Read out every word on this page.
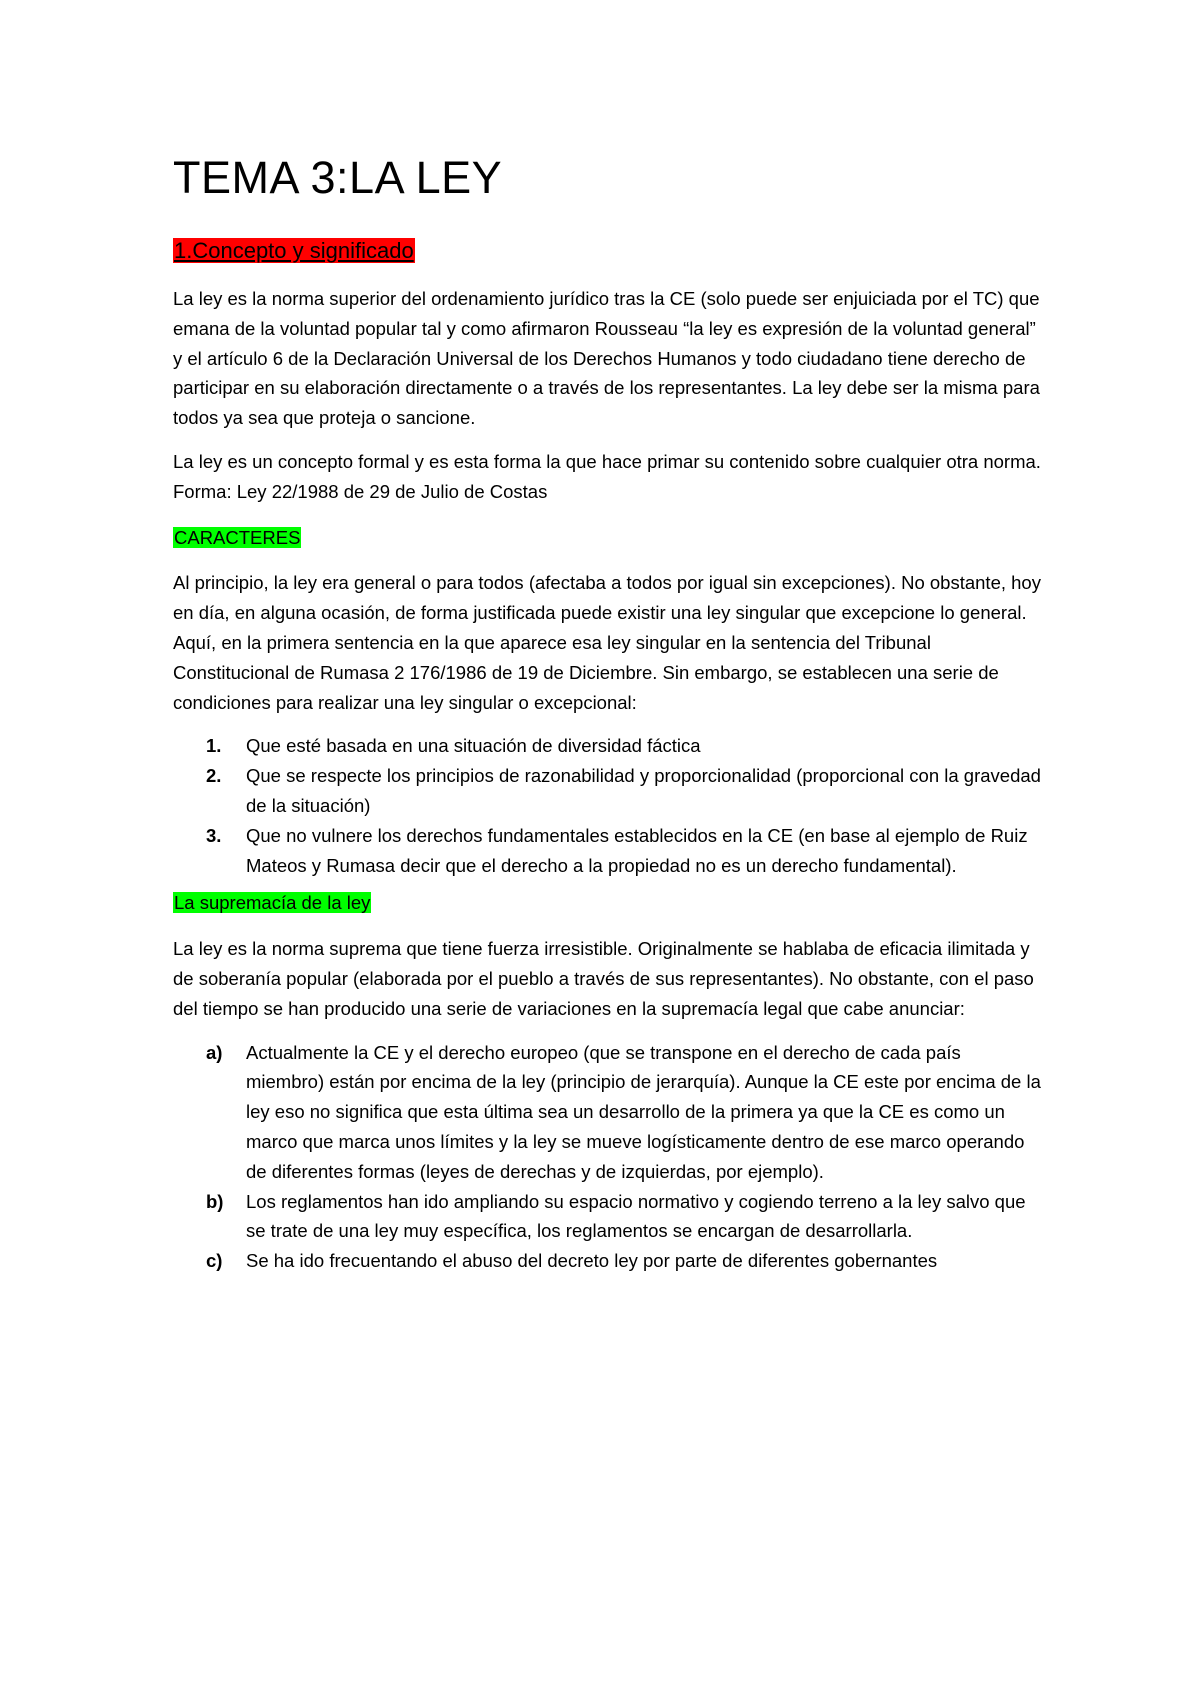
TEMA 3:LA LEY
1.Concepto y significado

La ley es la norma superior del ordenamiento jurídico tras la CE (solo puede ser enjuiciada por el TC) que emana de la voluntad popular tal y como afirmaron Rousseau “la ley es expresión de la voluntad general” y el artículo 6 de la Declaración Universal de los Derechos Humanos y todo ciudadano tiene derecho de participar en su elaboración directamente o a través de los representantes. La ley debe ser la misma para todos ya sea que proteja o sancione.

La ley es un concepto formal y es esta forma la que hace primar su contenido sobre cualquier otra norma. Forma: Ley 22/1988 de 29 de Julio de Costas

CARACTERES

Al principio, la ley era general o para todos (afectaba a todos por igual sin excepciones). No obstante, hoy en día, en alguna ocasión, de forma justificada puede existir una ley singular que excepcione lo general. Aquí, en la primera sentencia en la que aparece esa ley singular en la sentencia del Tribunal Constitucional de Rumasa 2 176/1986 de 19 de Diciembre. Sin embargo, se establecen una serie de condiciones para realizar una ley singular o excepcional:

1. Que esté basada en una situación de diversidad fáctica
2. Que se respecte los principios de razonabilidad y proporcionalidad (proporcional con la gravedad de la situación)
3. Que no vulnere los derechos fundamentales establecidos en la CE (en base al ejemplo de Ruiz Mateos y Rumasa decir que el derecho a la propiedad no es un derecho fundamental).
La supremacía de la ley

La ley es la norma suprema que tiene fuerza irresistible. Originalmente se hablaba de eficacia ilimitada y de soberanía popular (elaborada por el pueblo a través de sus representantes). No obstante, con el paso del tiempo se han producido una serie de variaciones en la supremacía legal que cabe anunciar:

a) Actualmente la CE y el derecho europeo (que se transpone en el derecho de cada país miembro) están por encima de la ley (principio de jerarquía). Aunque la CE este por encima de la ley eso no significa que esta última sea un desarrollo de la primera ya que la CE es como un marco que marca unos límites y la ley se mueve logísticamente dentro de ese marco operando de diferentes formas (leyes de derechas y de izquierdas, por ejemplo).
b) Los reglamentos han ido ampliando su espacio normativo y cogiendo terreno a la ley salvo que se trate de una ley muy específica, los reglamentos se encargan de desarrollarla.
c) Se ha ido frecuentando el abuso del decreto ley por parte de diferentes gobernantes
